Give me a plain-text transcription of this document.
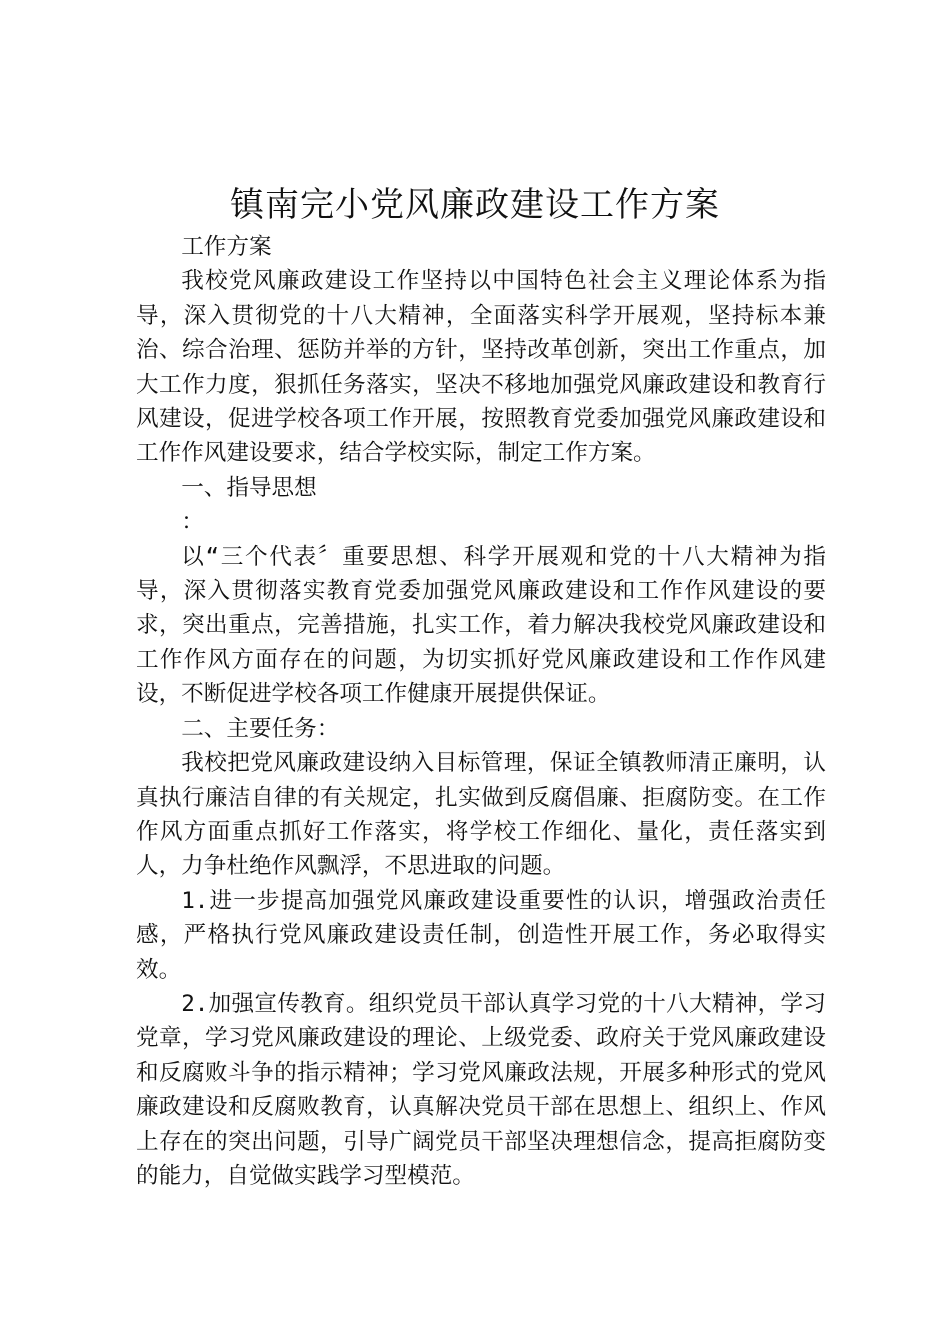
镇南完小党风廉政建设工作方案

工作方案

我校党风廉政建设工作坚持以中国特色社会主义理论体系为指导，深入贯彻党的十八大精神，全面落实科学开展观，坚持标本兼治、综合治理、惩防并举的方针，坚持改革创新，突出工作重点，加大工作力度，狠抓任务落实，坚决不移地加强党风廉政建设和教育行风建设，促进学校各项工作开展，按照教育党委加强党风廉政建设和工作作风建设要求，结合学校实际，制定工作方案。

一、指导思想

：

以“三个代表〞重要思想、科学开展观和党的十八大精神为指导，深入贯彻落实教育党委加强党风廉政建设和工作作风建设的要求，突出重点，完善措施，扎实工作，着力解决我校党风廉政建设和工作作风方面存在的问题，为切实抓好党风廉政建设和工作作风建设，不断促进学校各项工作健康开展提供保证。

二、主要任务：

我校把党风廉政建设纳入目标管理，保证全镇教师清正廉明，认真执行廉洁自律的有关规定，扎实做到反腐倡廉、拒腐防变。在工作作风方面重点抓好工作落实，将学校工作细化、量化，责任落实到人，力争杜绝作风飘浮，不思进取的问题。

1.进一步提高加强党风廉政建设重要性的认识，增强政治责任感，严格执行党风廉政建设责任制，创造性开展工作，务必取得实效。

2.加强宣传教育。组织党员干部认真学习党的十八大精神，学习党章，学习党风廉政建设的理论、上级党委、政府关于党风廉政建设和反腐败斗争的指示精神；学习党风廉政法规，开展多种形式的党风廉政建设和反腐败教育，认真解决党员干部在思想上、组织上、作风上存在的突出问题，引导广阔党员干部坚决理想信念，提高拒腐防变的能力，自觉做实践学习型模范。
